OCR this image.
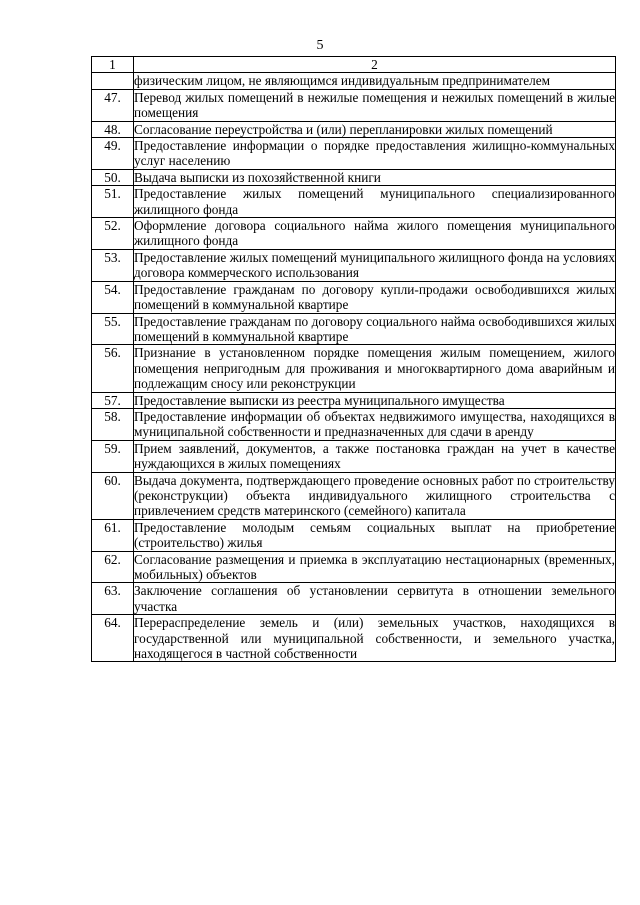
5
1	2
	физическим лицом, не являющимся индивидуальным предпринимателем
47.	Перевод жилых помещений в нежилые помещения и нежилых помещений в жилые помещения
48.	Согласование переустройства и (или) перепланировки жилых помещений
49.	Предоставление информации о порядке предоставления жилищно-коммунальных услуг населению
50.	Выдача выписки из похозяйственной книги
51.	Предоставление жилых помещений муниципального специализированного жилищного фонда
52.	Оформление договора социального найма жилого помещения муниципального жилищного фонда
53.	Предоставление жилых помещений муниципального жилищного фонда на условиях договора коммерческого использования
54.	Предоставление гражданам по договору купли-продажи освободившихся жилых помещений в коммунальной квартире
55.	Предоставление гражданам по договору социального найма освободившихся жилых помещений в коммунальной квартире
56.	Признание в установленном порядке помещения жилым помещением, жилого помещения непригодным для проживания и многоквартирного дома аварийным и подлежащим сносу или реконструкции
57.	Предоставление выписки из реестра муниципального имущества
58.	Предоставление информации об объектах недвижимого имущества, находящихся в муниципальной собственности и предназначенных для сдачи в аренду
59.	Прием заявлений, документов, а также постановка граждан на учет в качестве нуждающихся в жилых помещениях
60.	Выдача документа, подтверждающего проведение основных работ по строительству (реконструкции) объекта индивидуального жилищного строительства с привлечением средств материнского (семейного) капитала
61.	Предоставление молодым семьям социальных выплат на приобретение (строительство) жилья
62.	Согласование размещения и приемка в эксплуатацию нестационарных (временных, мобильных) объектов
63.	Заключение соглашения об установлении сервитута в отношении земельного участка
64.	Перераспределение земель и (или) земельных участков, находящихся в государственной или муниципальной собственности, и земельного участка, находящегося в частной собственности
